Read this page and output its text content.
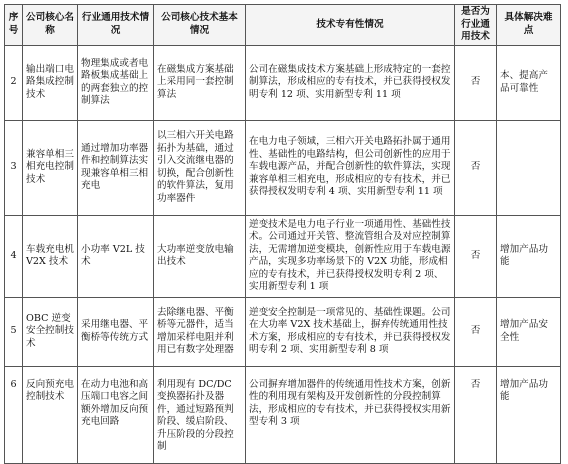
序号	公司核心名称	行业通用技术情况	公司核心技术基本情况	技术专有性情况	是否为行业通用技术	具体解决难点
2	输出端口电路集成控制技术	物理集成或者电路板集成基础上的两套独立的控制算法	在磁集成方案基础上采用同一套控制算法	公司在磁集成技术方案基础上形成特定的一套控制算法，形成相应的专有技术，并已获得授权发明专利 12 项、实用新型专利 11 项	否	本、提高产品可靠性
3	兼容单相三相充电控制技术	通过增加功率器件和控制算法实现兼容单相三相充电	以三相六开关电路拓扑为基础，通过引入交流继电器的切换，配合创新性的软件算法，复用功率器件	在电力电子领域，三相六开关电路拓扑属于通用性、基础性的电路结构，但公司创新性的应用于车载电源产品，并配合创新性的软件算法，实现兼容单相三相充电，形成相应的专有技术，并已获得授权发明专利 4 项、实用新型专利 11 项	否	
4	车载充电机 V2X 技术	小功率 V2L 技术	大功率逆变放电输出技术	逆变技术是电力电子行业一项通用性、基础性技术。公司通过开关管、整流管组合及对应控制算法，无需增加逆变模块，创新性应用于车载电源产品，实现多功率场景下的 V2X 功能，形成相应的专有技术，并已获得授权发明专利 2 项、实用新型专利 1 项	否	增加产品功能
5	OBC 逆变安全控制技术	采用继电器、平衡桥等传统方式	去除继电器、平衡桥等元器件，适当增加采样电阻并利用已有数字处理器	逆变安全控制是一项常见的、基础性课题。公司在大功率 V2X 技术基础上，摒弃传统通用性技术方案，形成相应的专有技术，并已获得授权发明专利 2 项、实用新型专利 8 项	否	增加产品安全性
6	反向预充电控制技术	在动力电池和高压端口电容之间额外增加反向预充电回路	利用现有 DC/DC 变换器拓扑及器件，通过短路预判阶段、缓启阶段、升压阶段的分段控制	公司摒弃增加器件的传统通用性技术方案，创新性的利用现有架构及开发创新性的分段控制算法，形成相应的专有技术，并已获得授权实用新型专利 3 项	否	增加产品功能
